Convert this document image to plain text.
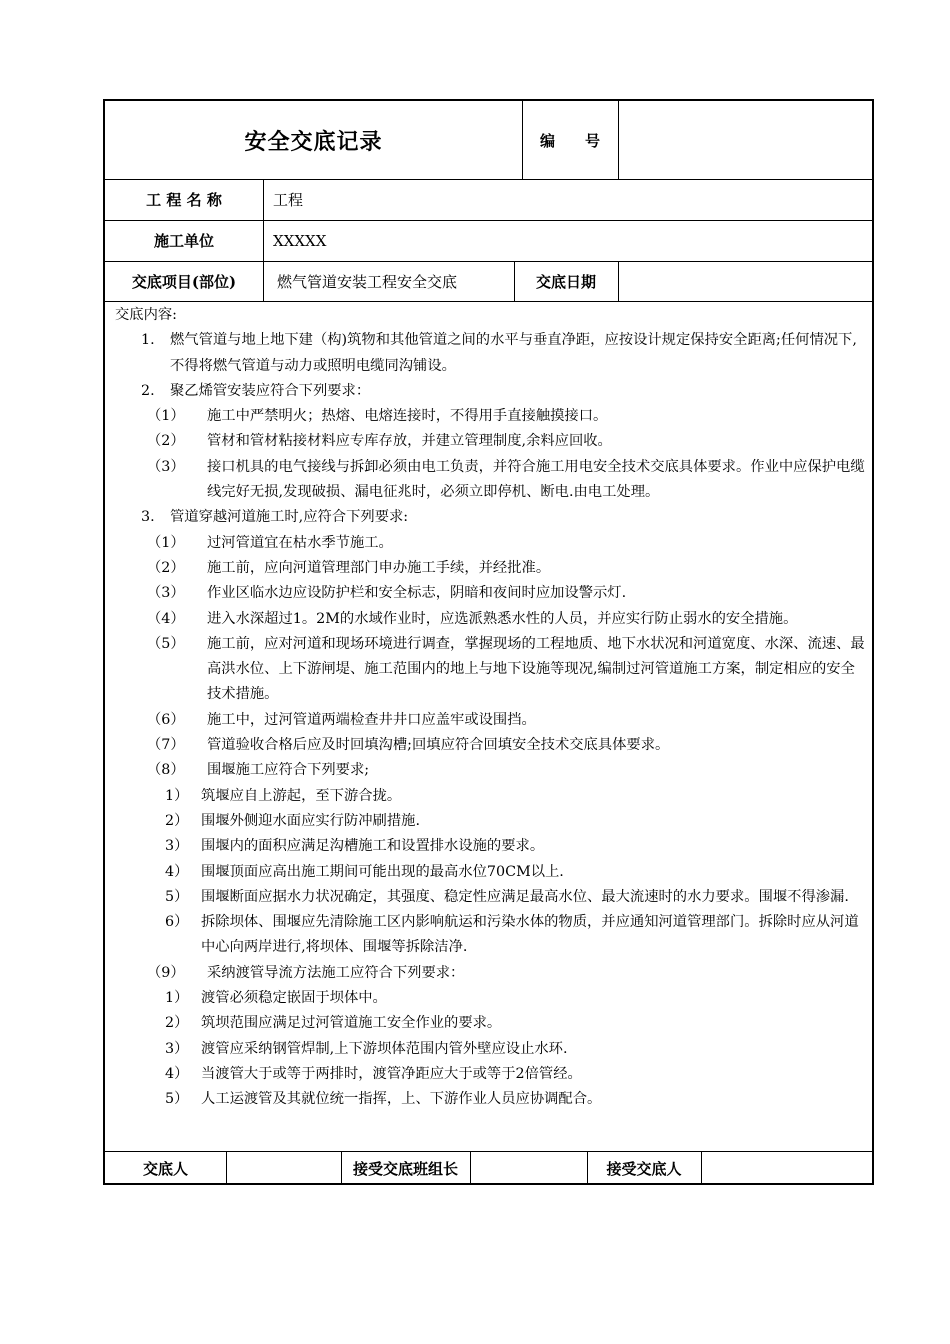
安全交底记录	编　　号
工 程 名 称	工程
施工单位	XXXXX
交底项目(部位)	燃气管道安装工程安全交底	交底日期
交底内容:
1.	燃气管道与地上地下建（构)筑物和其他管道之间的水平与垂直净距，应按设计规定保持安全距离;任何情况下,不得将燃气管道与动力或照明电缆同沟铺设。
2.	聚乙烯管安装应符合下列要求：
（1）	施工中严禁明火；热熔、电熔连接时，不得用手直接触摸接口。
（2）	管材和管材粘接材料应专库存放，并建立管理制度,余料应回收。
（3）	接口机具的电气接线与拆卸必须由电工负责，并符合施工用电安全技术交底具体要求。作业中应保护电缆线完好无损,发现破损、漏电征兆时，必须立即停机、断电.由电工处理。
3.	管道穿越河道施工时,应符合下列要求:
（1）	过河管道宜在枯水季节施工。
（2）	施工前，应向河道管理部门申办施工手续，并经批准。
（3）	作业区临水边应设防护栏和安全标志，阴暗和夜间时应加设警示灯.
（4）	进入水深超过1。2M的水域作业时，应选派熟悉水性的人员，并应实行防止弱水的安全措施。
（5）	施工前，应对河道和现场环境进行调查，掌握现场的工程地质、地下水状况和河道宽度、水深、流速、最高洪水位、上下游闸堤、施工范围内的地上与地下设施等现况,编制过河管道施工方案，制定相应的安全技术措施。
（6）	施工中，过河管道两端检查井井口应盖牢或设围挡。
（7）	管道验收合格后应及时回填沟槽;回填应符合回填安全技术交底具体要求。
（8）	围堰施工应符合下列要求;
1） 筑堰应自上游起，至下游合拢。
2） 围堰外侧迎水面应实行防冲刷措施.
3） 围堰内的面积应满足沟槽施工和设置排水设施的要求。
4） 围堰顶面应高出施工期间可能出现的最高水位70CM以上.
5） 围堰断面应据水力状况确定，其强度、稳定性应满足最高水位、最大流速时的水力要求。围堰不得渗漏.
6） 拆除坝体、围堰应先清除施工区内影响航运和污染水体的物质，并应通知河道管理部门。拆除时应从河道中心向两岸进行,将坝体、围堰等拆除洁净.
（9）	采纳渡管导流方法施工应符合下列要求：
1） 渡管必须稳定嵌固于坝体中。
2） 筑坝范围应满足过河管道施工安全作业的要求。
3） 渡管应采纳钢管焊制,上下游坝体范围内管外壁应设止水环.
4） 当渡管大于或等于两排时，渡管净距应大于或等于2倍管经。
5） 人工运渡管及其就位统一指挥，上、下游作业人员应协调配合。
交底人	接受交底班组长	接受交底人
